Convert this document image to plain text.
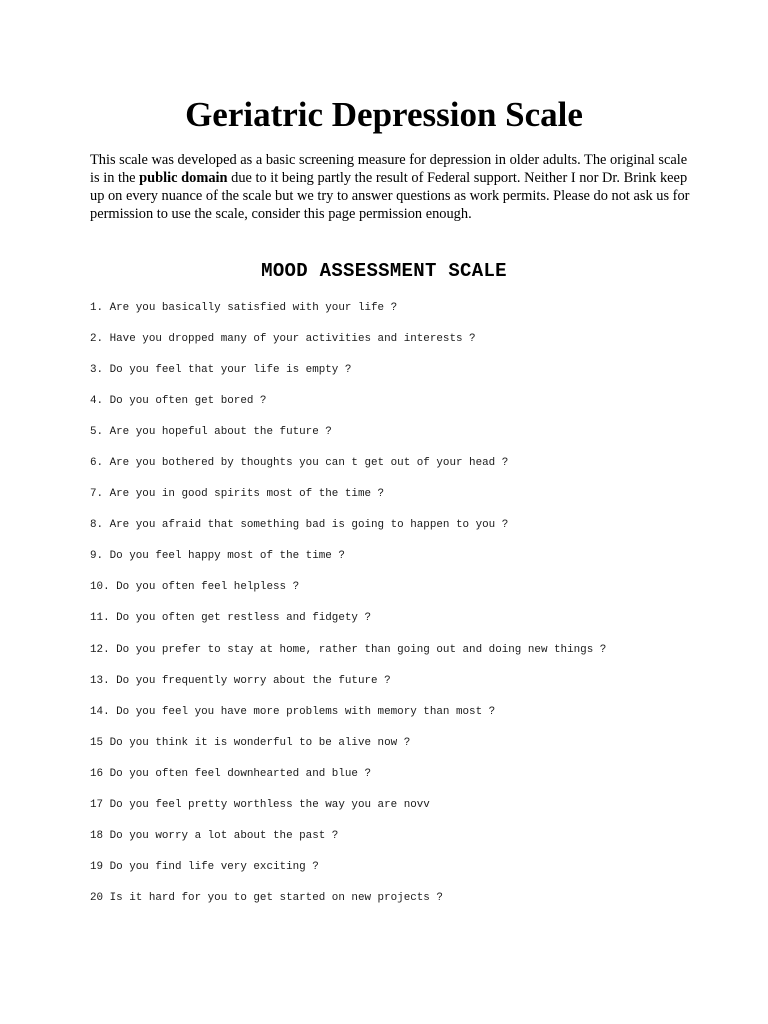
Geriatric Depression Scale

This scale was developed as a basic screening measure for depression in older adults. The original scale is in the public domain due to it being partly the result of Federal support. Neither I nor Dr. Brink keep up on every nuance of the scale but we try to answer questions as work permits. Please do not ask us for permission to use the scale, consider this page permission enough.

MOOD ASSESSMENT SCALE
1. Are you basically satisfied with your life ?
2. Have you dropped many of your activities and interests ?
3. Do you feel that your life is empty ?
4. Do you often get bored ?
5. Are you hopeful about the future ?
6. Are you bothered by thoughts you can t get out of your head ?
7. Are you in good spirits most of the time ?
8. Are you afraid that something bad is going to happen to you ?
9. Do you feel happy most of the time ?
10. Do you often feel helpless ?
11. Do you often get restless and fidgety ?
12. Do you prefer to stay at home, rather than going out and doing new things ?
13. Do you frequently worry about the future ?
14. Do you feel you have more problems with memory than most ?
15 Do you think it is wonderful to be alive now ?
16 Do you often feel downhearted and blue ?
17 Do you feel pretty worthless the way you are novv
18 Do you worry a lot about the past ?
19 Do you find life very exciting ?
20 Is it hard for you to get started on new projects ?
